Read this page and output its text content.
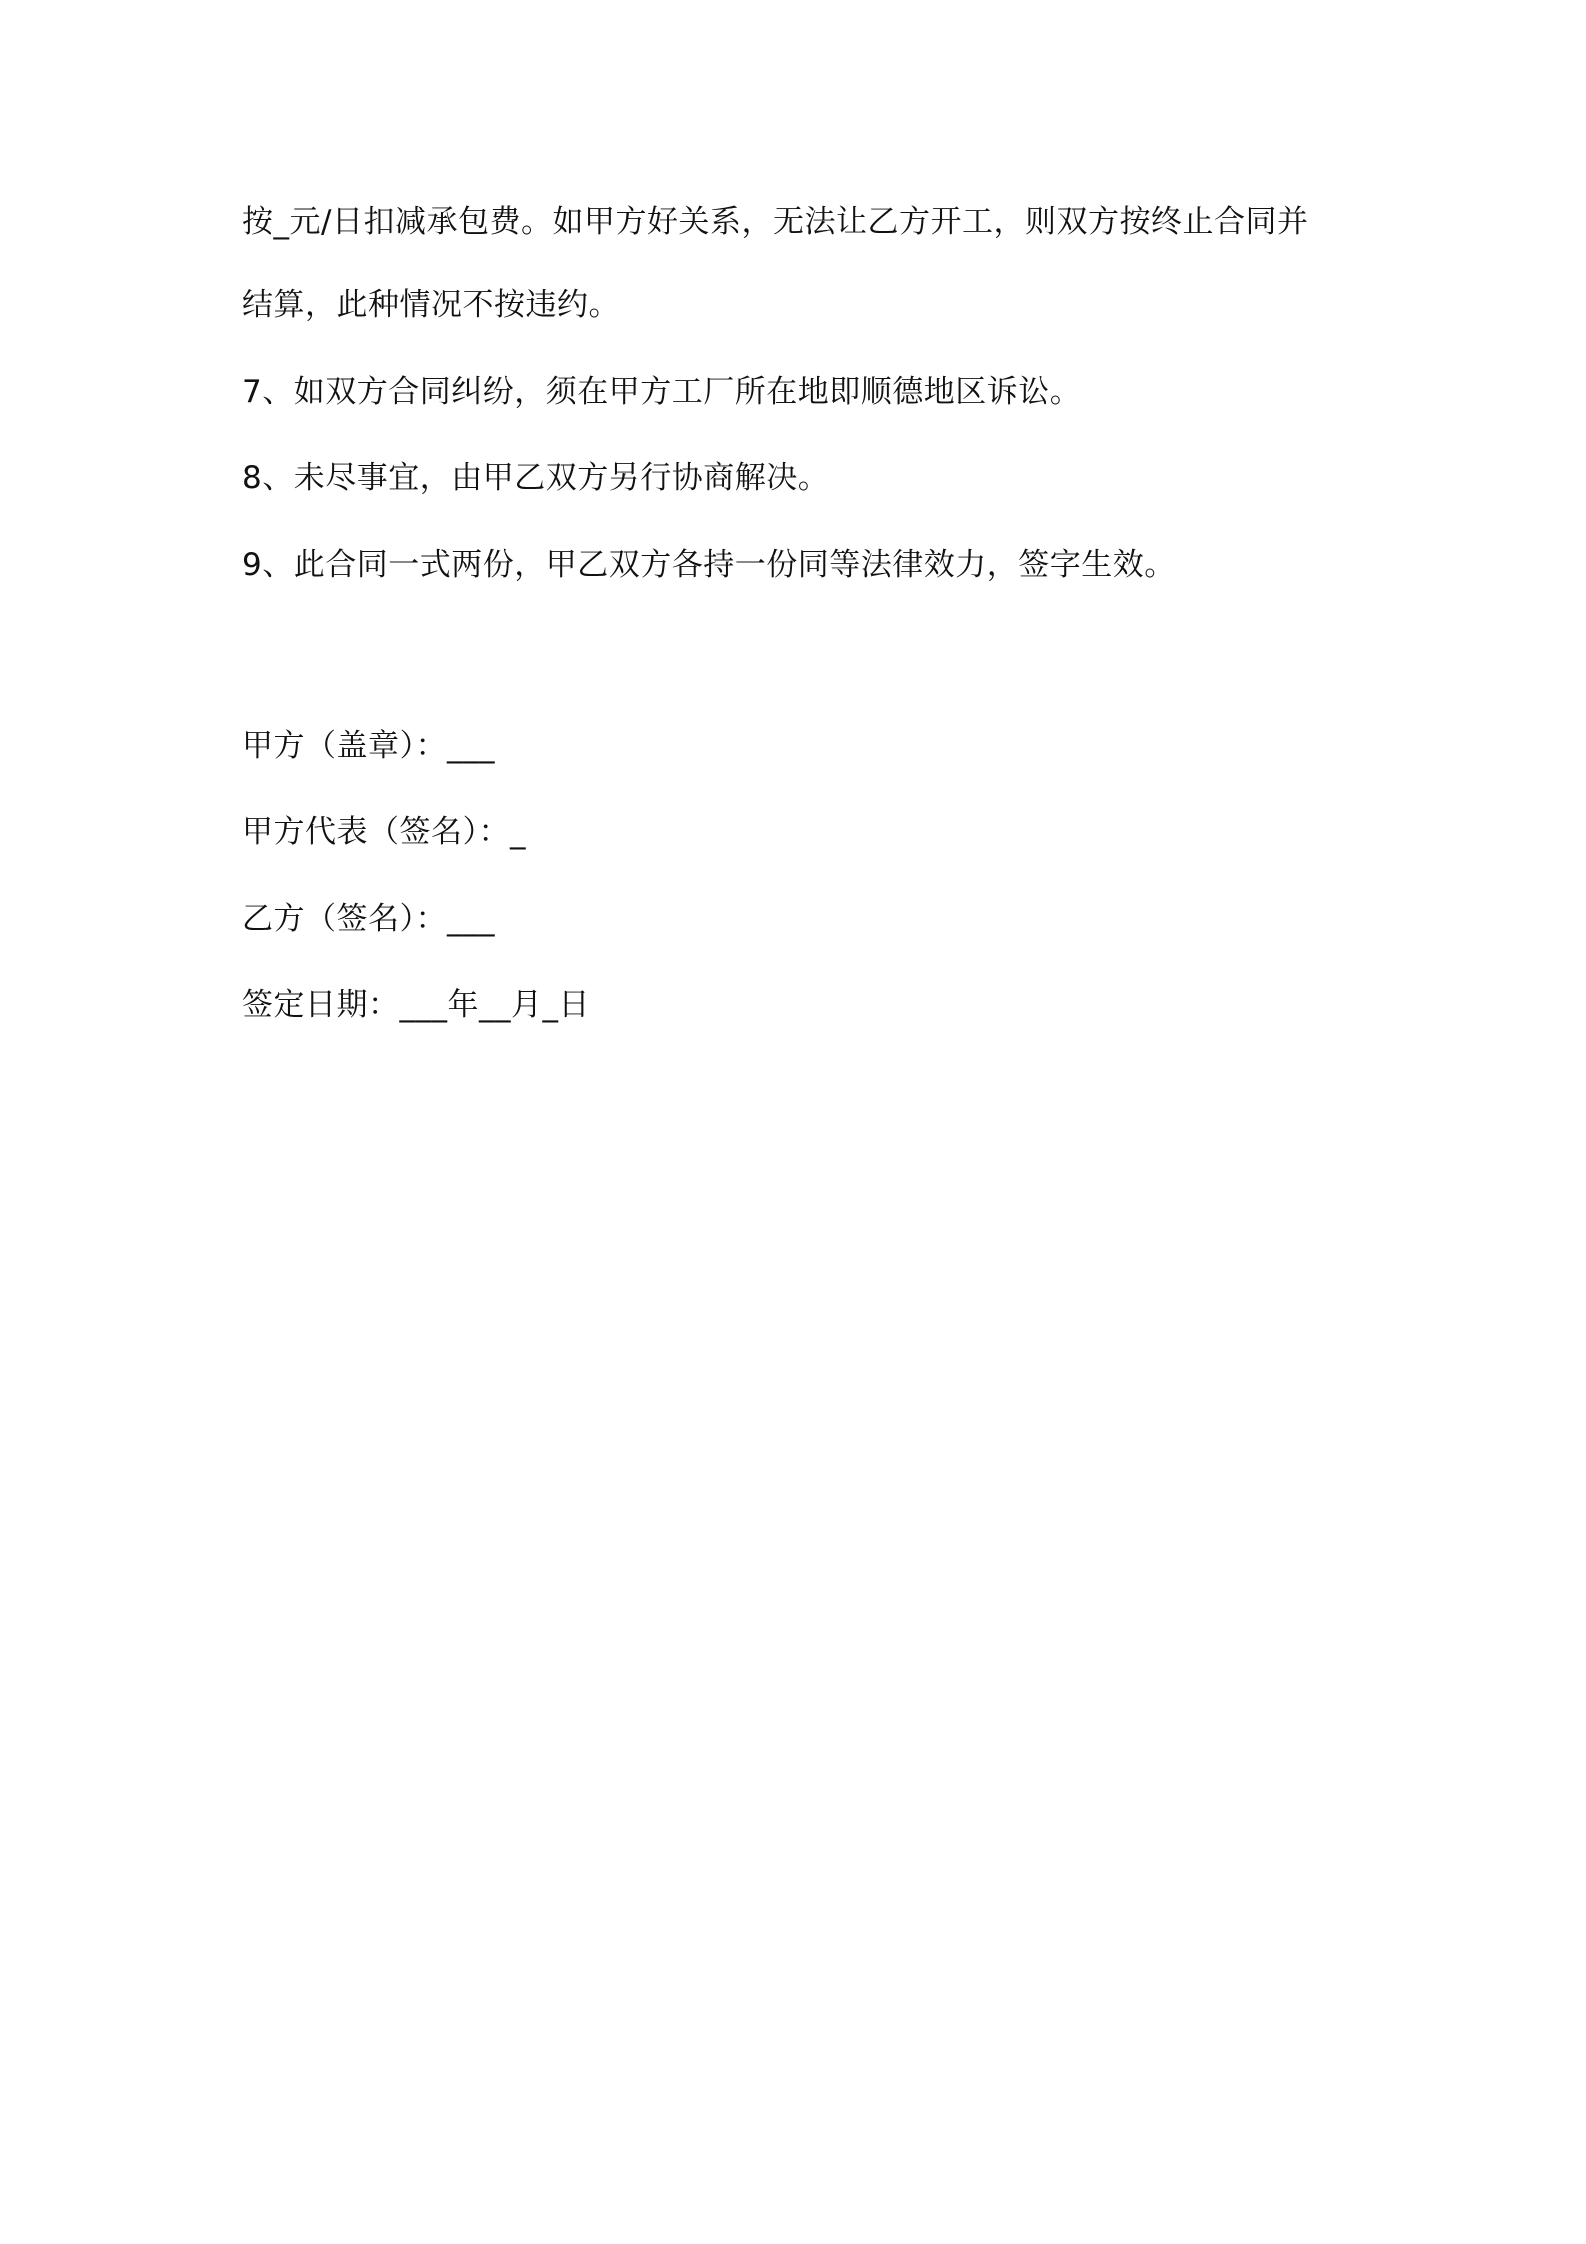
按_元/日扣减承包费。如甲方好关系，无法让乙方开工，则双方按终止合同并
结算，此种情况不按违约。
7、如双方合同纠纷，须在甲方工厂所在地即顺德地区诉讼。
8、未尽事宜，由甲乙双方另行协商解决。
9、此合同一式两份，甲乙双方各持一份同等法律效力，签字生效。
甲方（盖章）：___
甲方代表（签名）：_
乙方（签名）：___
签定日期：___年__月_日
